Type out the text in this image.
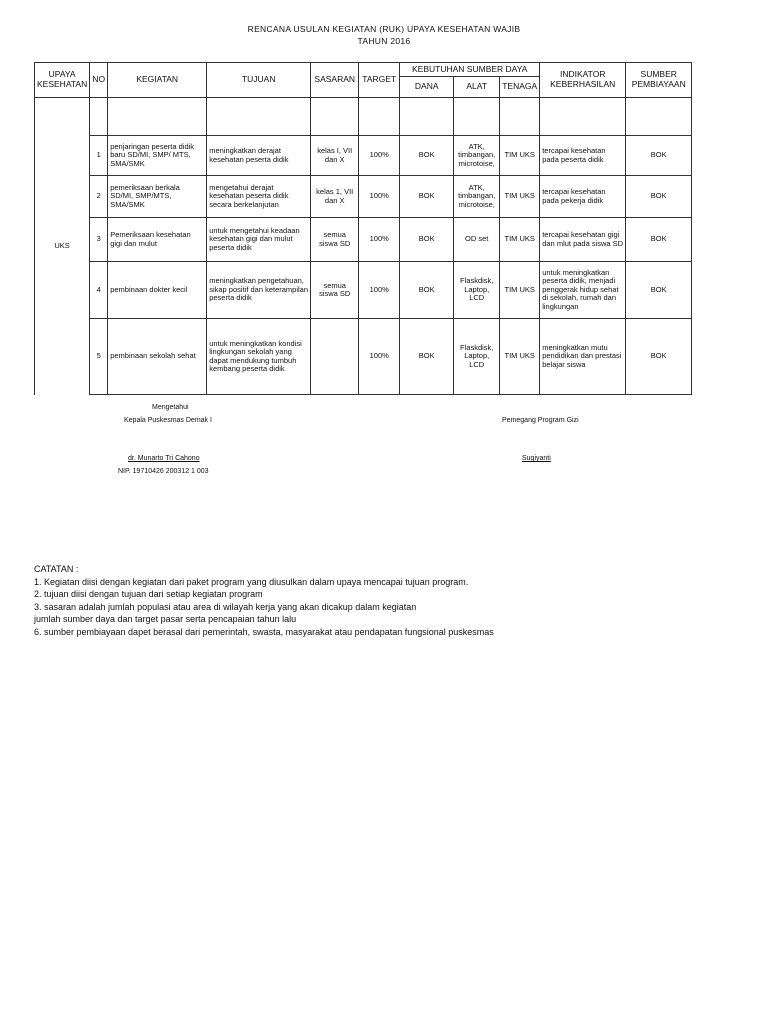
RENCANA USULAN KEGIATAN (RUK) UPAYA KESEHATAN WAJIB
TAHUN 2016
UPAYA KESEHATAN	NO	KEGIATAN	TUJUAN	SASARAN	TARGET	KEBUTUHAN SUMBER DAYA			INDIKATOR KEBERHASILAN	SUMBER PEMBIAYAAN
						DANA	ALAT	TENAGA		
UKS										
	1	penjaringan peserta didik baru SD/MI, SMP/ MTS, SMA/SMK	meningkatkan derajat kesehatan peserta didik	kelas I, VII dan X	100%	BOK	ATK, timbangan, microtoise,	TIM UKS	tercapai kesehatan pada peserta didik	BOK
	2	pemeriksaan berkala SD/MI, SMP/MTS, SMA/SMK	mengetahui derajat kesehatan peserta didik secara berkelanjutan	kelas 1, VII dan X	100%	BOK	ATK, timbangan, microtoise,	TIM UKS	tercapai kesehatan pada pekerja didik	BOK
	3	Pemeriksaan kesehatan gigi dan mulut	untuk mengetahui keadaan kesehatan gigi dan mulut peserta didik	semua siswa SD	100%	BOK	OD set	TIM UKS	tercapai kesehatan gigi dan mlut pada siswa SD	BOK
	4	pembinaan dokter kecil	meningkatkan pengetahuan, sikap positif dan keterampilan peserta didik	semua siswa SD	100%	BOK	Flaskdisk, Laptop, LCD	TIM UKS	untuk meningkatkan peserta didik, menjadi penggerak hidup sehat di sekolah, rumah dan lingkungan	BOK
	5	pembinaan sekolah sehat	untuk meningkatkan kondisi lingkungan sekolah yang dapat mendukung tumbuh kembang peserta didik		100%	BOK	Flaskdisk, Laptop, LCD	TIM UKS	meningkatkan mutu pendidikan dan prestasi belajar siswa	BOK
Mengetahui
Kepala Puskesmas Demak I
dr. Munarto Tri Cahono
NIP. 19710426 200312 1 003
Pemegang Program Gizi
Sugiyanti
CATATAN :
1. Kegiatan diisi dengan kegiatan dari paket program yang diusulkan dalam upaya mencapai tujuan program.
2. tujuan diisi dengan tujuan dari setiap kegiatan program
3. sasaran adalah jumlah populasi atau area di wilayah kerja yang akan dicakup dalam kegiatan
jumlah sumber daya dan target pasar serta pencapaian tahun lalu
6. sumber pembiayaan dapet berasal dari pemerintah, swasta, masyarakat atau pendapatan fungsional puskesmas
